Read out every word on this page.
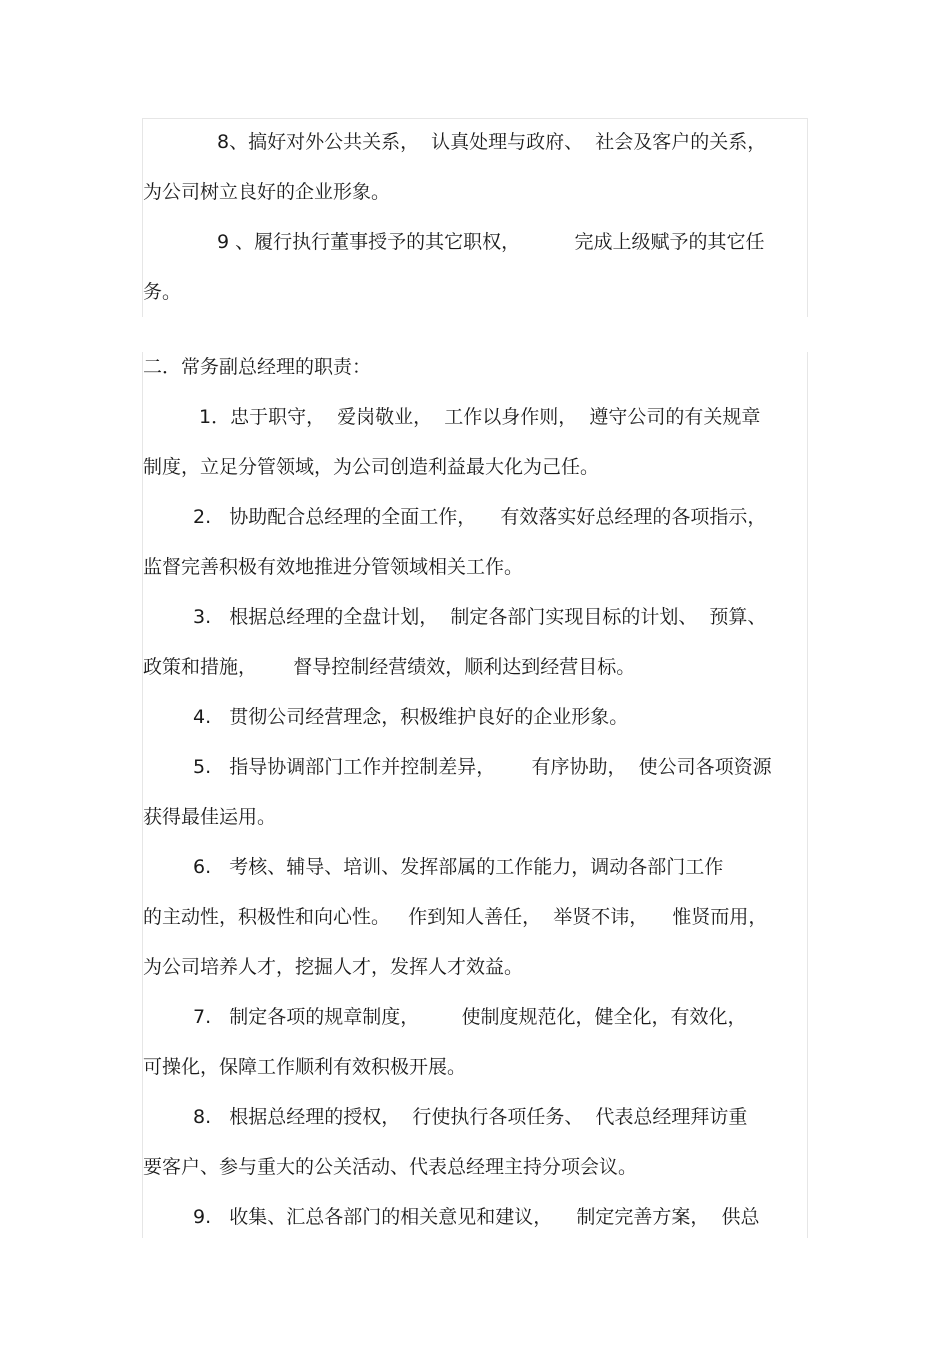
8、搞好对外公共关系，  认真处理与政府、  社会及客户的关系，

为公司树立良好的企业形象。

9 、履行执行董事授予的其它职权，         完成上级赋予的其它任

务。

二．常务副总经理的职责：

1．忠于职守，  爱岗敬业，  工作以身作则，  遵守公司的有关规章

制度，立足分管领域，为公司创造利益最大化为己任。

2.   协助配合总经理的全面工作，    有效落实好总经理的各项指示，

监督完善积极有效地推进分管领域相关工作。

3.   根据总经理的全盘计划，  制定各部门实现目标的计划、  预算、

政策和措施，      督导控制经营绩效，顺利达到经营目标。

4.   贯彻公司经营理念，积极维护良好的企业形象。

5.   指导协调部门工作并控制差异，      有序协助，  使公司各项资源

获得最佳运用。

6.   考核、辅导、培训、发挥部属的工作能力，调动各部门工作

的主动性，积极性和向心性。   作到知人善任，  举贤不讳，    惟贤而用，

为公司培养人才，挖掘人才，发挥人才效益。

7.   制定各项的规章制度，       使制度规范化，健全化，有效化，

可操化，保障工作顺利有效积极开展。

8.   根据总经理的授权，  行使执行各项任务、  代表总经理拜访重

要客户、参与重大的公关活动、代表总经理主持分项会议。

9.   收集、汇总各部门的相关意见和建议，    制定完善方案，  供总
